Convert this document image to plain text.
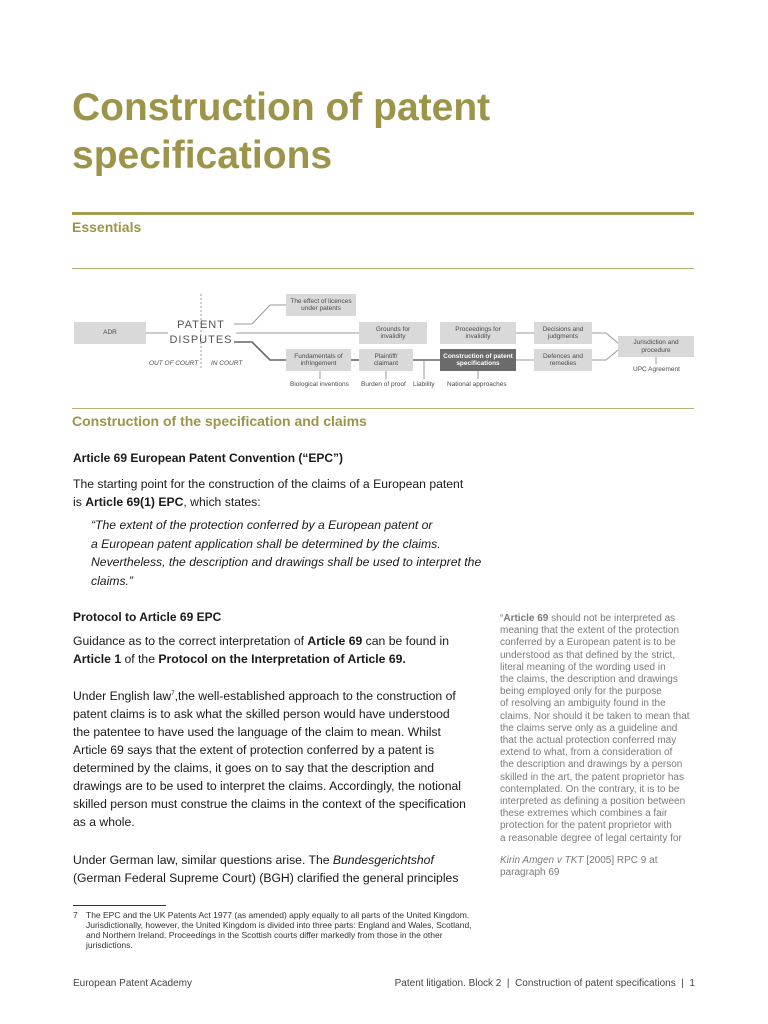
Construction of patent
specifications
Essentials
ADR
PATENT
DISPUTES
OUT OF COURT IN COURT
The effect of licences
under patents
Grounds for
invalidity
Proceedings for
invalidity
Decisions and
judgments
Fundamentals of
infringement
Plaintiff/
claimant
Construction of patent
specifications
Defences and
remedies
Jurisdiction and
procedure
UPC Agreement
Biological inventions Burden of proof Liability National approaches
Construction of the specification and claims
Article 69 European Patent Convention (“EPC”)
The starting point for the construction of the claims of a European patent
is Article 69(1) EPC, which states:
“The extent of the protection conferred by a European patent or
a European patent application shall be determined by the claims.
Nevertheless, the description and drawings shall be used to interpret the
claims.”
Protocol to Article 69 EPC
Guidance as to the correct interpretation of Article 69 can be found in
Article 1 of the Protocol on the Interpretation of Article 69.
Under English law$^7$,the well-established approach to the construction of
patent claims is to ask what the skilled person would have understood
the patentee to have used the language of the claim to mean. Whilst
Article 69 says that the extent of protection conferred by a patent is
determined by the claims, it goes on to say that the description and
drawings are to be used to interpret the claims. Accordingly, the notional
skilled person must construe the claims in the context of the specification
as a whole.
Under German law, similar questions arise. The Bundesgerichtshof
(German Federal Supreme Court) (BGH) clarified the general principles
“Article 69 should not be interpreted as
meaning that the extent of the protection
conferred by a European patent is to be
understood as that defined by the strict,
literal meaning of the wording used in
the claims, the description and drawings
being employed only for the purpose
of resolving an ambiguity found in the
claims. Nor should it be taken to mean that
the claims serve only as a guideline and
that the actual protection conferred may
extend to what, from a consideration of
the description and drawings by a person
skilled in the art, the patent proprietor has
contemplated. On the contrary, it is to be
interpreted as defining a position between
these extremes which combines a fair
protection for the patent proprietor with
a reasonable degree of legal certainty for
Kirin Amgen v TKT [2005] RPC 9 at
paragraph 69
7 The EPC and the UK Patents Act 1977 (as amended) apply equally to all parts of the United Kingdom.
Jurisdictionally, however, the United Kingdom is divided into three parts: England and Wales, Scotland,
and Northern Ireland. Proceedings in the Scottish courts differ markedly from those in the other
jurisdictions.
European Patent Academy	Patent litigation. Block 2  |  Construction of patent specifications  |  1
